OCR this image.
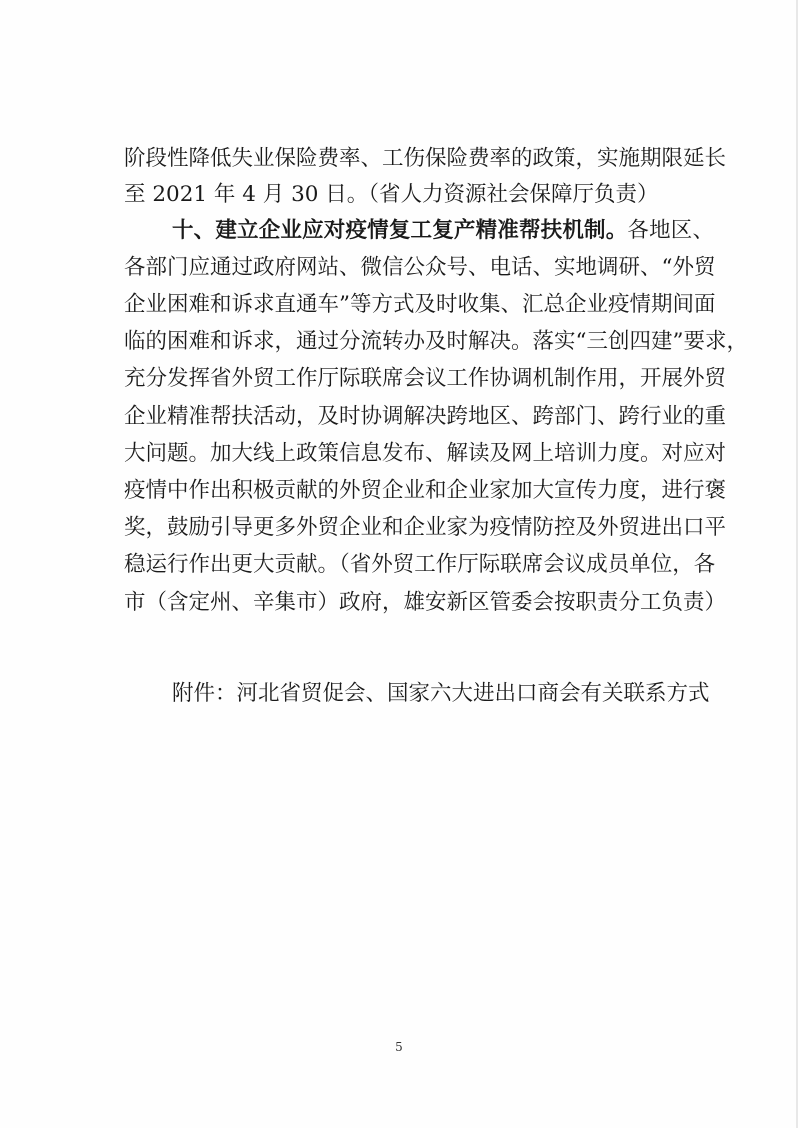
阶段性降低失业保险费率、工伤保险费率的政策，实施期限延长
至 2021 年 4 月 30 日。（省人力资源社会保障厅负责）
十、建立企业应对疫情复工复产精准帮扶机制。各地区、
各部门应通过政府网站、微信公众号、电话、实地调研、“外贸
企业困难和诉求直通车”等方式及时收集、汇总企业疫情期间面
临的困难和诉求，通过分流转办及时解决。落实“三创四建”要求，
充分发挥省外贸工作厅际联席会议工作协调机制作用，开展外贸
企业精准帮扶活动，及时协调解决跨地区、跨部门、跨行业的重
大问题。加大线上政策信息发布、解读及网上培训力度。对应对
疫情中作出积极贡献的外贸企业和企业家加大宣传力度，进行褒
奖，鼓励引导更多外贸企业和企业家为疫情防控及外贸进出口平
稳运行作出更大贡献。（省外贸工作厅际联席会议成员单位，各
市（含定州、辛集市）政府，雄安新区管委会按职责分工负责）
附件：河北省贸促会、国家六大进出口商会有关联系方式
5
